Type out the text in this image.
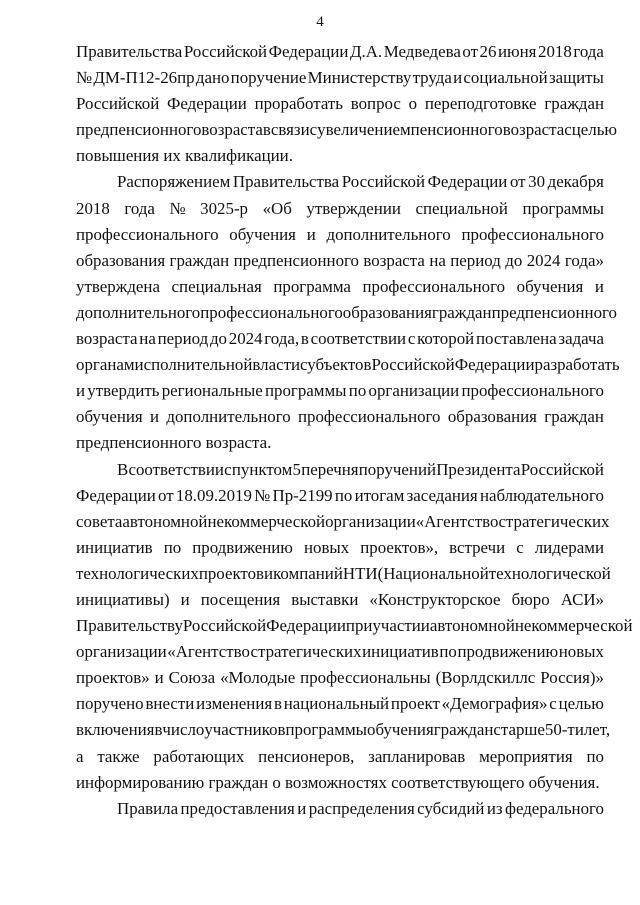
4

Правительства Российской Федерации Д.А. Медведева от 26 июня 2018 года
№ ДМ-П12-26пр дано поручение Министерству труда и социальной защиты
Российской Федерации проработать вопрос о переподготовке граждан
предпенсионного возраста в связи с увеличением пенсионного возраста с целью
повышения их квалификации.

Распоряжением Правительства Российской Федерации от 30 декабря
2018 года № 3025-р «Об утверждении специальной программы
профессионального обучения и дополнительного профессионального
образования граждан предпенсионного возраста на период до 2024 года»
утверждена специальная программа профессионального обучения и
дополнительного профессионального образования граждан предпенсионного
возраста на период до 2024 года, в соответствии с которой поставлена задача
органам исполнительной власти субъектов Российской Федерации разработать
и утвердить региональные программы по организации профессионального
обучения и дополнительного профессионального образования граждан
предпенсионного возраста.

В соответствии с пунктом 5 перечня поручений Президента Российской
Федерации от 18.09.2019 № Пр-2199 по итогам заседания наблюдательного
совета автономной некоммерческой организации «Агентство стратегических
инициатив по продвижению новых проектов», встречи с лидерами
технологических проектов и компаний НТИ (Национальной технологической
инициативы) и посещения выставки «Конструкторское бюро АСИ»
Правительству Российской Федерации при участии автономной некоммерческой
организации «Агентство стратегических инициатив по продвижению новых
проектов» и Союза «Молодые профессиональны (Ворлдскиллс Россия)»
поручено внести изменения в национальный проект «Демография» с целью
включения в число участников программы обучения граждан старше 50-ти лет,
а также работающих пенсионеров, запланировав мероприятия по
информированию граждан о возможностях соответствующего обучения.

Правила предоставления и распределения субсидий из федерального
